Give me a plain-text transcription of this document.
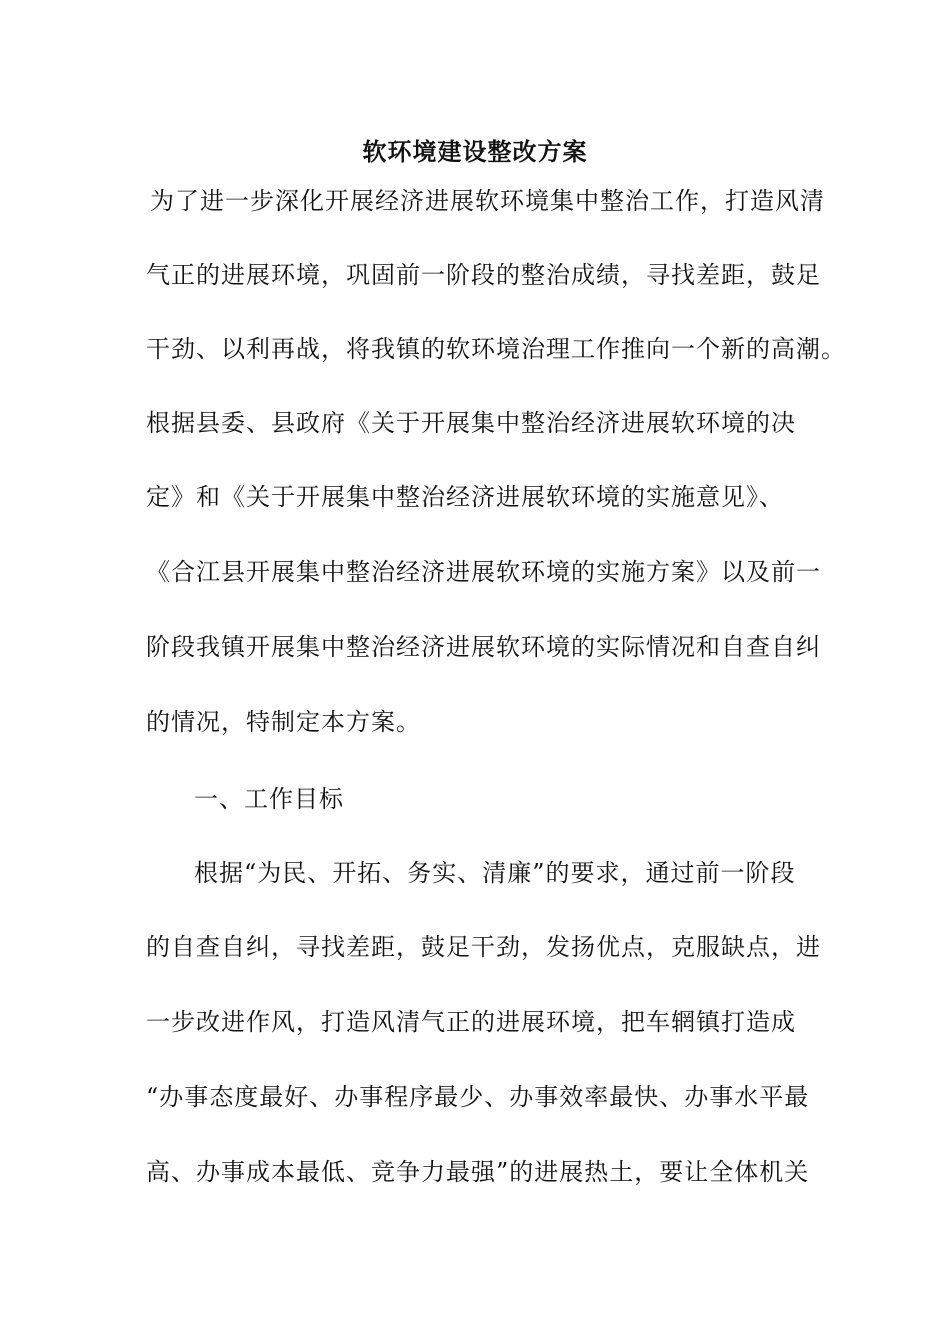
软环境建设整改方案
为了进一步深化开展经济进展软环境集中整治工作，打造风清
气正的进展环境，巩固前一阶段的整治成绩，寻找差距，鼓足
干劲、以利再战，将我镇的软环境治理工作推向一个新的高潮。
根据县委、县政府《关于开展集中整治经济进展软环境的决
定》和《关于开展集中整治经济进展软环境的实施意见》、
《合江县开展集中整治经济进展软环境的实施方案》以及前一
阶段我镇开展集中整治经济进展软环境的实际情况和自查自纠
的情况，特制定本方案。
一、工作目标
根据“为民、开拓、务实、清廉”的要求，通过前一阶段
的自查自纠，寻找差距，鼓足干劲，发扬优点，克服缺点，进
一步改进作风，打造风清气正的进展环境，把车辋镇打造成
“办事态度最好、办事程序最少、办事效率最快、办事水平最
高、办事成本最低、竞争力最强”的进展热土，要让全体机关
